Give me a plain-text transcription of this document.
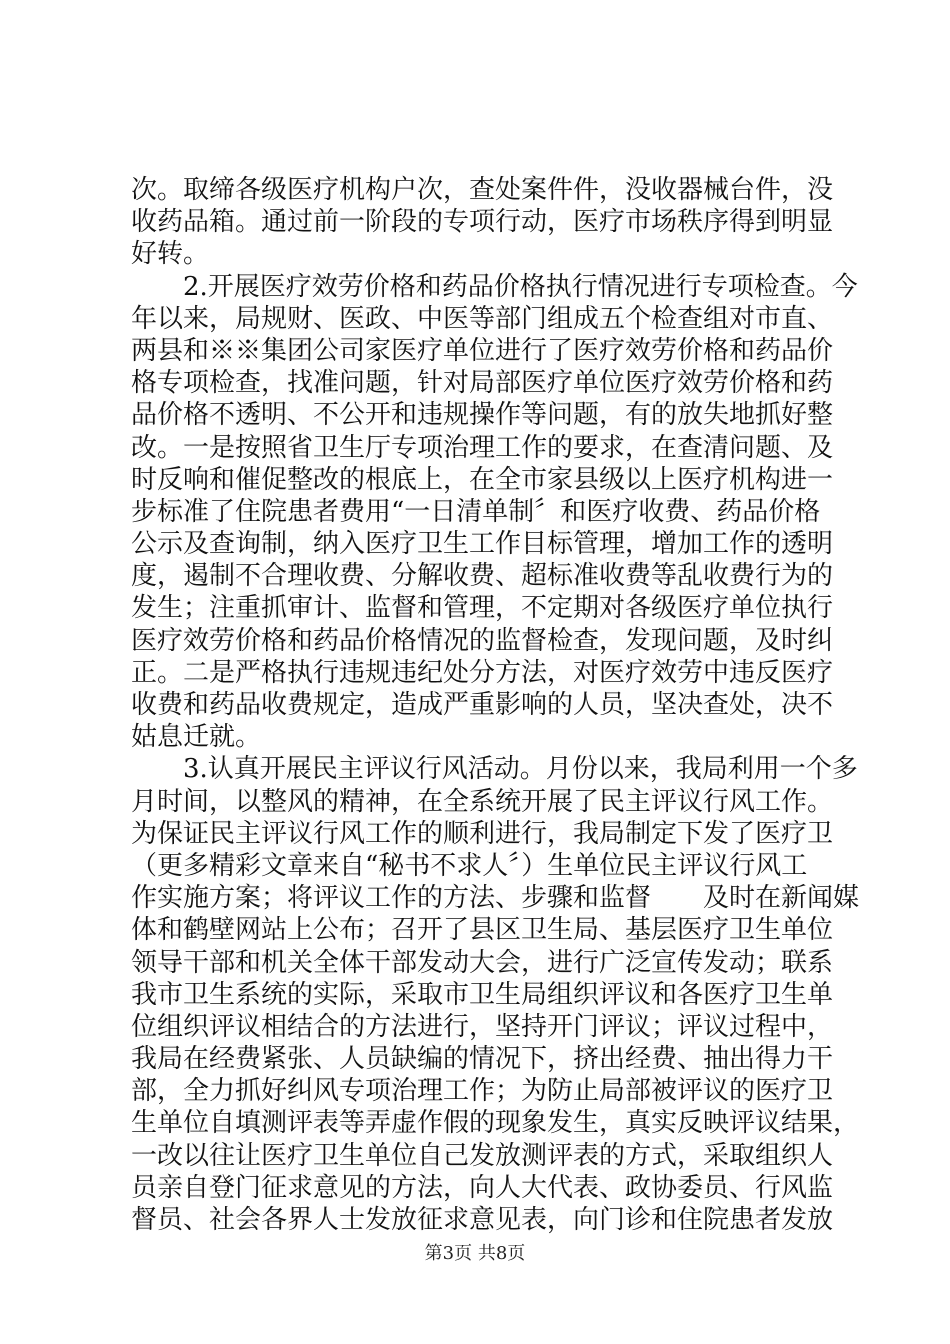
次。取缔各级医疗机构户次，查处案件件，没收器械台件，没
收药品箱。通过前一阶段的专项行动，医疗市场秩序得到明显
好转。
　　2.开展医疗效劳价格和药品价格执行情况进行专项检查。今
年以来，局规财、医政、中医等部门组成五个检查组对市直、
两县和※※集团公司家医疗单位进行了医疗效劳价格和药品价
格专项检查，找准问题，针对局部医疗单位医疗效劳价格和药
品价格不透明、不公开和违规操作等问题，有的放失地抓好整
改。一是按照省卫生厅专项治理工作的要求，在查清问题、及
时反响和催促整改的根底上，在全市家县级以上医疗机构进一
步标准了住院患者费用“一日清单制〞和医疗收费、药品价格
公示及查询制，纳入医疗卫生工作目标管理，增加工作的透明
度，遏制不合理收费、分解收费、超标准收费等乱收费行为的
发生；注重抓审计、监督和管理，不定期对各级医疗单位执行
医疗效劳价格和药品价格情况的监督检查，发现问题，及时纠
正。二是严格执行违规违纪处分方法，对医疗效劳中违反医疗
收费和药品收费规定，造成严重影响的人员，坚决查处，决不
姑息迁就。
　　3.认真开展民主评议行风活动。月份以来，我局利用一个多
月时间，以整风的精神，在全系统开展了民主评议行风工作。
为保证民主评议行风工作的顺利进行，我局制定下发了医疗卫
（更多精彩文章来自“秘书不求人〞）生单位民主评议行风工
作实施方案；将评议工作的方法、步骤和监督　　及时在新闻媒
体和鹤壁网站上公布；召开了县区卫生局、基层医疗卫生单位
领导干部和机关全体干部发动大会，进行广泛宣传发动；联系
我市卫生系统的实际，采取市卫生局组织评议和各医疗卫生单
位组织评议相结合的方法进行，坚持开门评议；评议过程中，
我局在经费紧张、人员缺编的情况下，挤出经费、抽出得力干
部，全力抓好纠风专项治理工作；为防止局部被评议的医疗卫
生单位自填测评表等弄虚作假的现象发生，真实反映评议结果，
一改以往让医疗卫生单位自己发放测评表的方式，采取组织人
员亲自登门征求意见的方法，向人大代表、政协委员、行风监
督员、社会各界人士发放征求意见表，向门诊和住院患者发放
第3页 共8页
